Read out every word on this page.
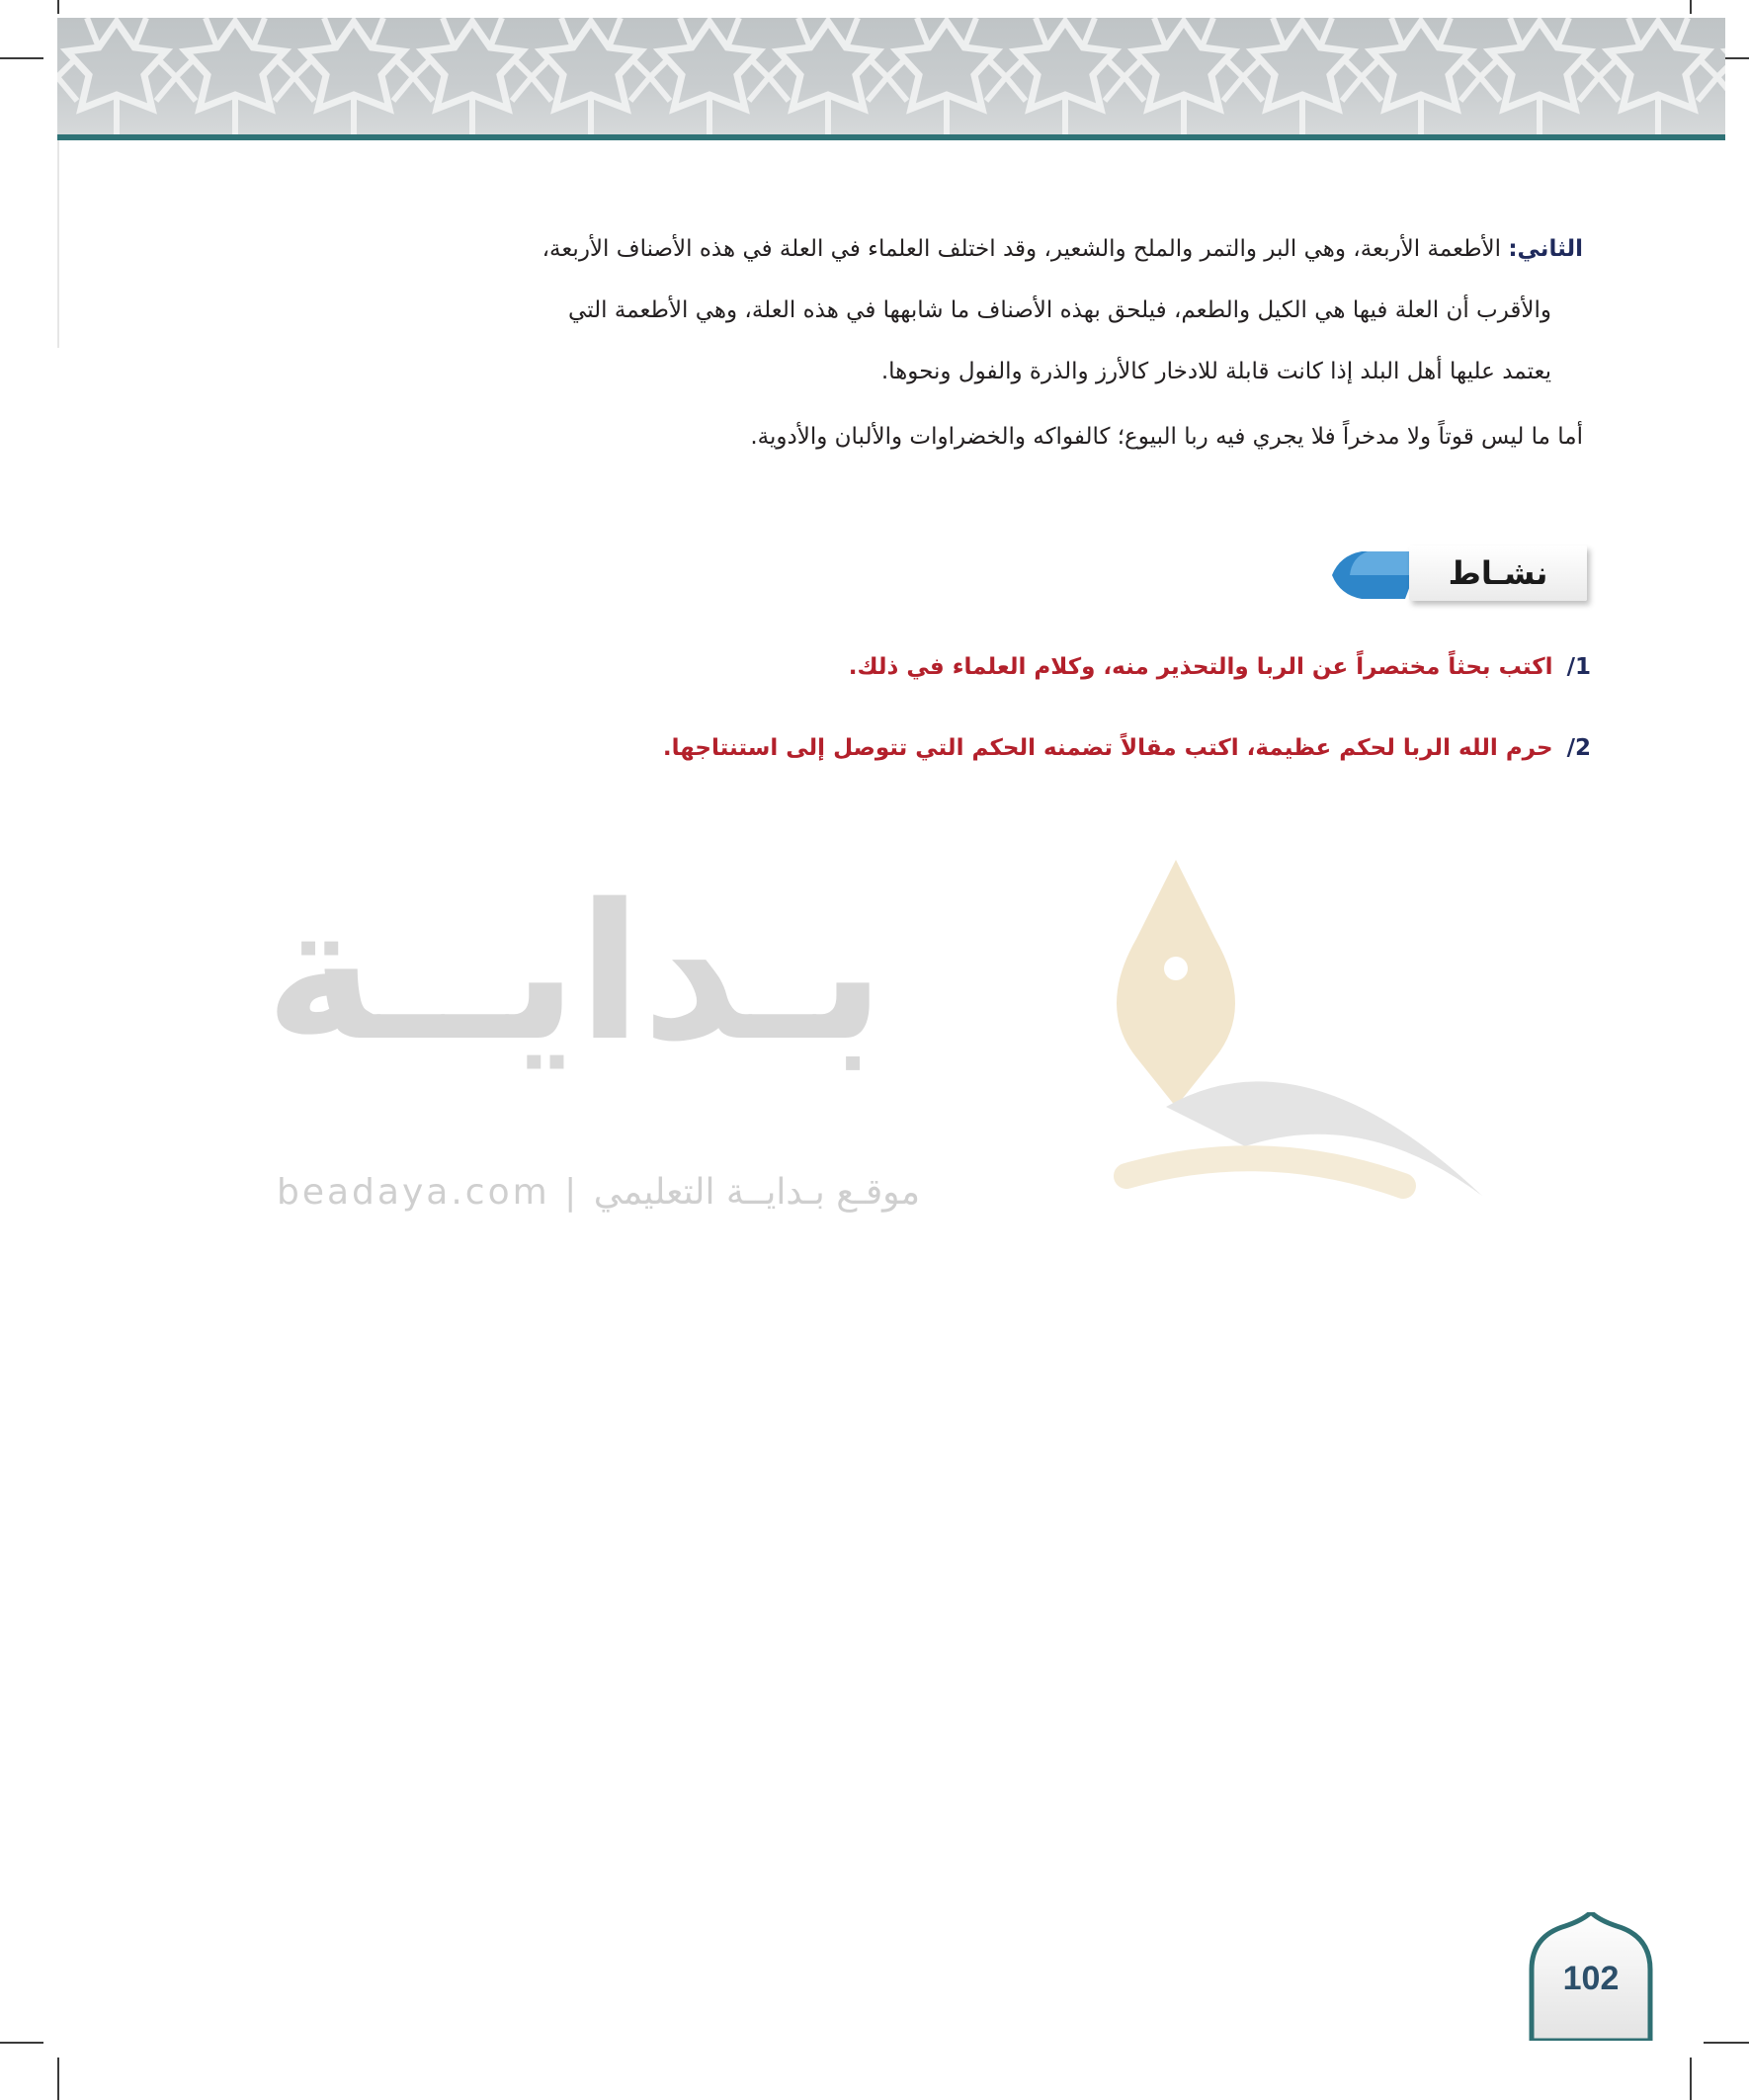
الثاني: الأطعمة الأربعة، وهي البر والتمر والملح والشعير، وقد اختلف العلماء في العلة في هذه الأصناف الأربعة،
والأقرب أن العلة فيها هي الكيل والطعم، فيلحق بهذه الأصناف ما شابهها في هذه العلة، وهي الأطعمة التي
يعتمد عليها أهل البلد إذا كانت قابلة للادخار كالأرز والذرة والفول ونحوها.
أما ما ليس قوتاً ولا مدخراً فلا يجري فيه ربا البيوع؛ كالفواكه والخضراوات والألبان والأدوية.
نشـاط
1/اكتب بحثاً مختصراً عن الربا والتحذير منه، وكلام العلماء في ذلك.
2/حرم الله الربا لحكم عظيمة، اكتب مقالاً تضمنه الحكم التي تتوصل إلى استنتاجها.
بـدايــة
beadaya.com | موقـع بـدايــة التعليمي
102
